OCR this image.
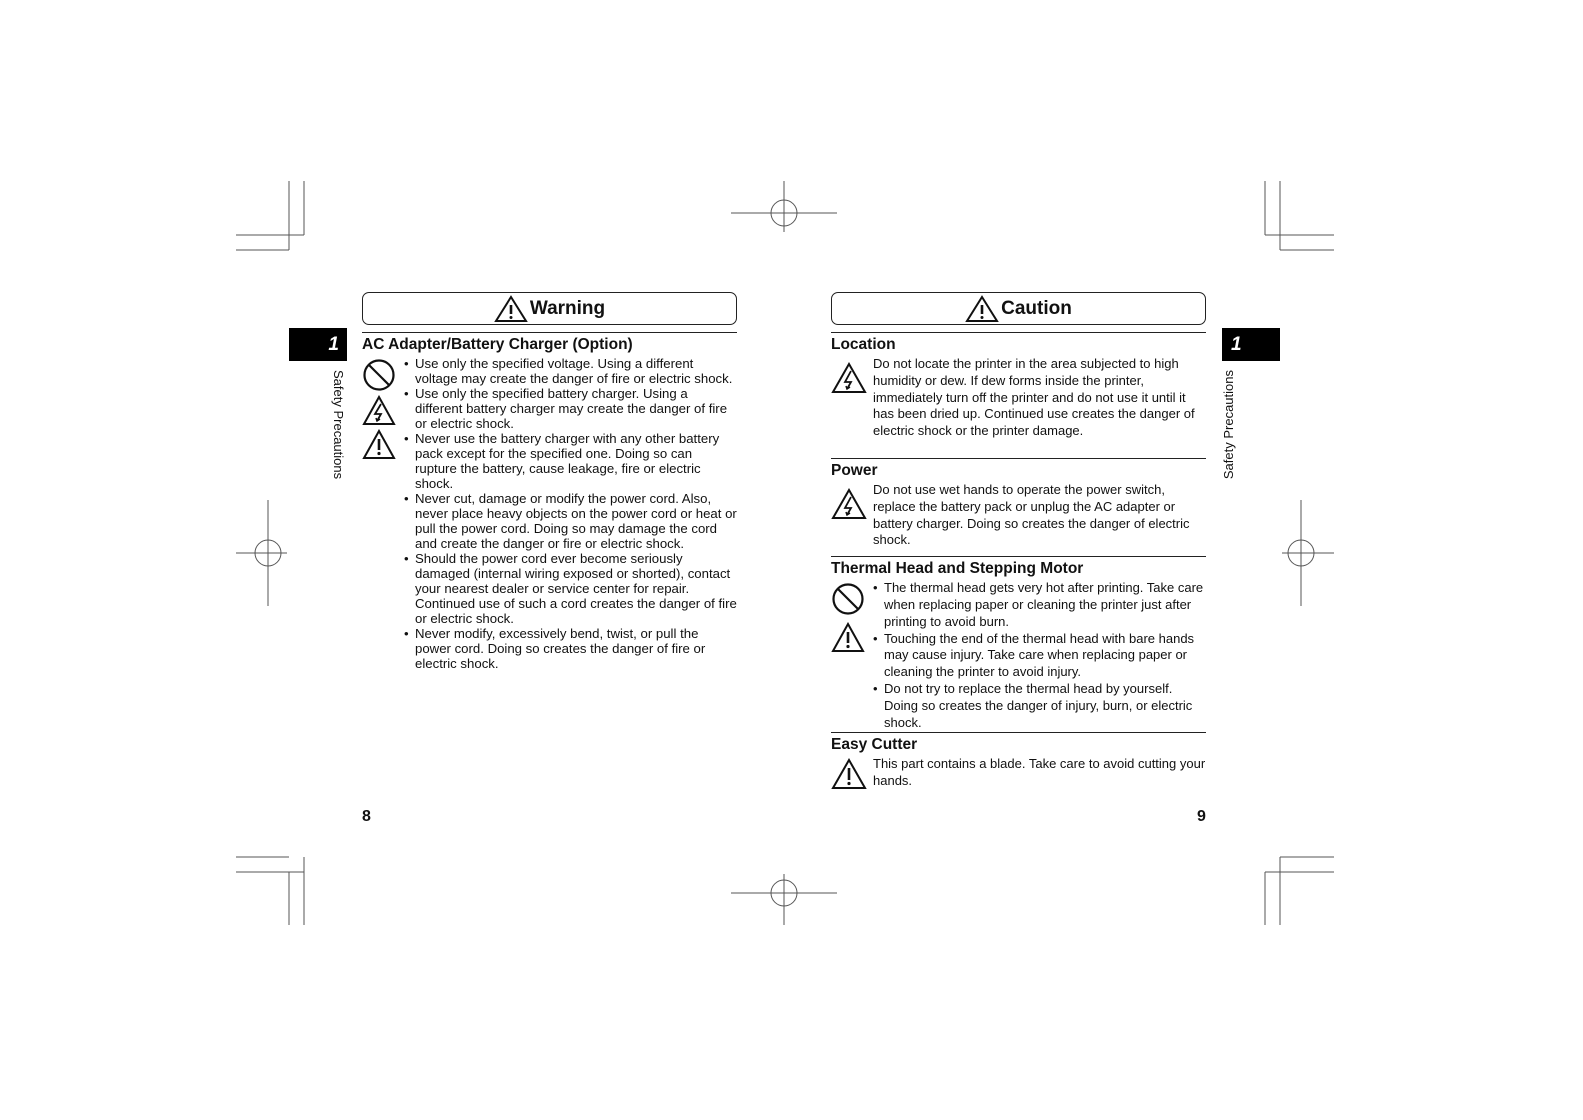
1	1
Safety Precautions	Safety Precautions
Warning
AC Adapter/Battery Charger (Option)
• Use only the specified voltage. Using a different voltage may create the danger of fire or electric shock.
• Use only the specified battery charger. Using a different battery charger may create the danger of fire or electric shock.
• Never use the battery charger with any other battery pack except for the specified one. Doing so can rupture the battery, cause leakage, fire or electric shock.
• Never cut, damage or modify the power cord. Also, never place heavy objects on the power cord or heat or pull the power cord. Doing so may damage the cord and create the danger or fire or electric shock.
• Should the power cord ever become seriously damaged (internal wiring exposed or shorted), contact your nearest dealer or service center for repair. Continued use of such a cord creates the danger of fire or electric shock.
• Never modify, excessively bend, twist, or pull the power cord. Doing so creates the danger of fire or electric shock.
Caution
Location
Do not locate the printer in the area subjected to high humidity or dew. If dew forms inside the printer, immediately turn off the printer and do not use it until it has been dried up. Continued use creates the danger of electric shock or the printer damage.
Power
Do not use wet hands to operate the power switch, replace the battery pack or unplug the AC adapter or battery charger. Doing so creates the danger of electric shock.
Thermal Head and Stepping Motor
• The thermal head gets very hot after printing. Take care when replacing paper or cleaning the printer just after printing to avoid burn.
• Touching the end of the thermal head with bare hands may cause injury. Take care when replacing paper or cleaning the printer to avoid injury.
• Do not try to replace the thermal head by yourself. Doing so creates the danger of injury, burn, or electric shock.
Easy Cutter
This part contains a blade. Take care to avoid cutting your hands.
8	9
